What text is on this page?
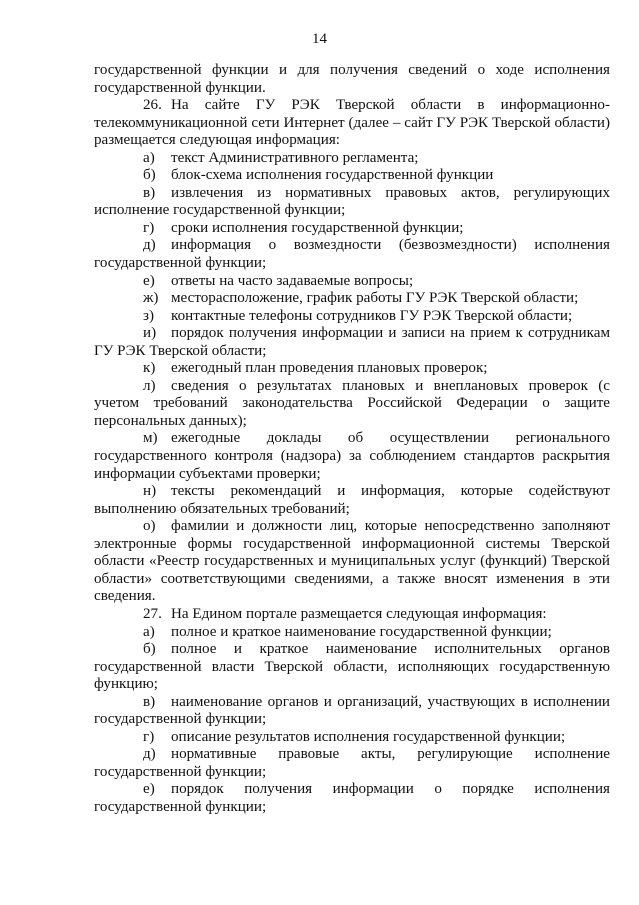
14

государственной функции и для получения сведений о ходе исполнения государственной функции.

26. На сайте ГУ РЭК Тверской области в информационно-телекоммуникационной сети Интернет (далее – сайт ГУ РЭК Тверской области) размещается следующая информация:

а) текст Административного регламента;

б) блок-схема исполнения государственной функции

в) извлечения из нормативных правовых актов, регулирующих исполнение государственной функции;

г) сроки исполнения государственной функции;

д) информация о возмездности (безвозмездности) исполнения государственной функции;

е) ответы на часто задаваемые вопросы;

ж) месторасположение, график работы ГУ РЭК Тверской области;

з) контактные телефоны сотрудников ГУ РЭК Тверской области;

и) порядок получения информации и записи на прием к сотрудникам ГУ РЭК Тверской области;

к) ежегодный план проведения плановых проверок;

л) сведения о результатах плановых и внеплановых проверок (с учетом требований законодательства Российской Федерации о защите персональных данных);

м) ежегодные доклады об осуществлении регионального государственного контроля (надзора) за соблюдением стандартов раскрытия информации субъектами проверки;

н) тексты рекомендаций и информация, которые содействуют выполнению обязательных требований;

о) фамилии и должности лиц, которые непосредственно заполняют электронные формы государственной информационной системы Тверской области «Реестр государственных и муниципальных услуг (функций) Тверской области» соответствующими сведениями, а также вносят изменения в эти сведения.

27. На Едином портале размещается следующая информация:

а) полное и краткое наименование государственной функции;

б) полное и краткое наименование исполнительных органов государственной власти Тверской области, исполняющих государственную функцию;

в) наименование органов и организаций, участвующих в исполнении государственной функции;

г) описание результатов исполнения государственной функции;

д) нормативные правовые акты, регулирующие исполнение государственной функции;

е) порядок получения информации о порядке исполнения государственной функции;
